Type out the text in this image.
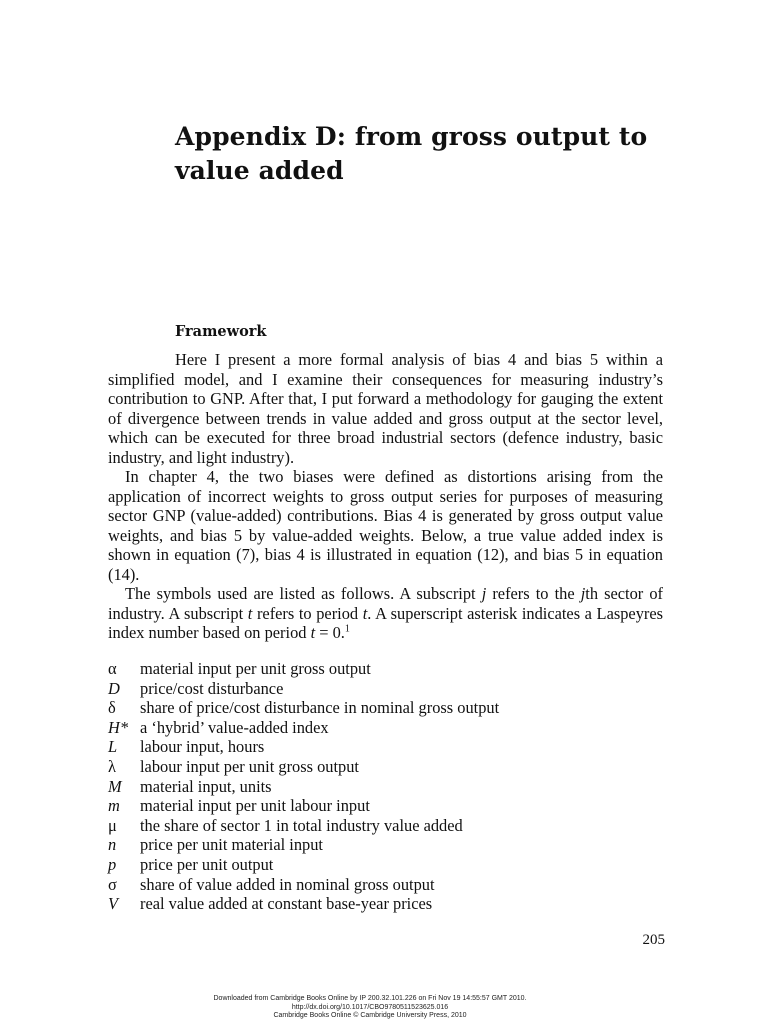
Appendix D: from gross output to
value added
Framework

Here I present a more formal analysis of bias 4 and bias 5 within a simplified model, and I examine their consequences for measuring industry’s contribution to GNP. After that, I put forward a methodology for gauging the extent of divergence between trends in value added and gross output at the sector level, which can be executed for three broad industrial sectors (defence industry, basic industry, and light industry).

In chapter 4, the two biases were defined as distortions arising from the application of incorrect weights to gross output series for purposes of measuring sector GNP (value-added) contributions. Bias 4 is generated by gross output value weights, and bias 5 by value-added weights. Below, a true value added index is shown in equation (7), bias 4 is illustrated in equation (12), and bias 5 in equation (14).

The symbols used are listed as follows. A subscript j refers to the jth sector of industry. A subscript t refers to period t. A superscript asterisk indicates a Laspeyres index number based on period t = 0.$^1$

α	material input per unit gross output
D	price/cost disturbance
δ	share of price/cost disturbance in nominal gross output
H* a ‘hybrid’ value-added index
L	labour input, hours
λ	labour input per unit gross output
M	material input, units
m	material input per unit labour input
μ	the share of sector 1 in total industry value added
n	price per unit material input
p	price per unit output
σ	share of value added in nominal gross output
V	real value added at constant base-year prices
205
Downloaded from Cambridge Books Online by IP 200.32.101.226 on Fri Nov 19 14:55:57 GMT 2010.
http://dx.doi.org/10.1017/CBO9780511523625.016
Cambridge Books Online © Cambridge University Press, 2010
